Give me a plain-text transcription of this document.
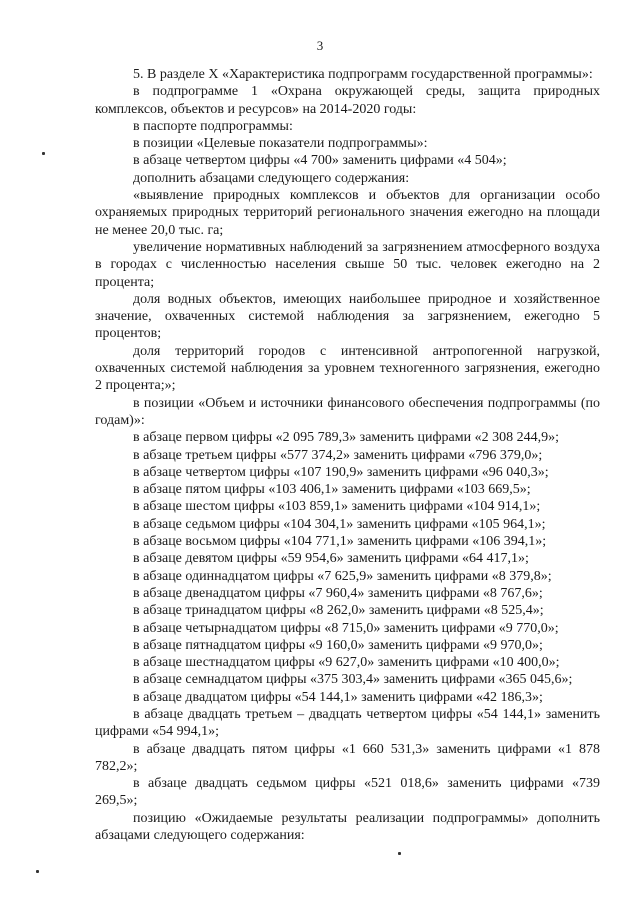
3

5. В разделе X «Характеристика подпрограмм государственной программы»:

в подпрограмме 1 «Охрана окружающей среды, защита природных комплексов, объектов и ресурсов» на 2014-2020 годы:

в паспорте подпрограммы:

в позиции «Целевые показатели подпрограммы»:

в абзаце четвертом цифры «4 700» заменить цифрами «4 504»;

дополнить абзацами следующего содержания:

«выявление природных комплексов и объектов для организации особо охраняемых природных территорий регионального значения ежегодно на площади не менее 20,0 тыс. га;

увеличение нормативных наблюдений за загрязнением атмосферного воздуха в городах с численностью населения свыше 50 тыс. человек ежегодно на 2 процента;

доля водных объектов, имеющих наибольшее природное и хозяйственное значение, охваченных системой наблюдения за загрязнением, ежегодно 5 процентов;

доля территорий городов с интенсивной антропогенной нагрузкой, охваченных системой наблюдения за уровнем техногенного загрязнения, ежегодно 2 процента;»;

в позиции «Объем и источники финансового обеспечения подпрограммы (по годам)»:

в абзаце первом цифры «2 095 789,3» заменить цифрами «2 308 244,9»;

в абзаце третьем цифры «577 374,2» заменить цифрами «796 379,0»;

в абзаце четвертом цифры «107 190,9» заменить цифрами «96 040,3»;

в абзаце пятом цифры «103 406,1» заменить цифрами «103 669,5»;

в абзаце шестом цифры «103 859,1» заменить цифрами «104 914,1»;

в абзаце седьмом цифры «104 304,1» заменить цифрами «105 964,1»;

в абзаце восьмом цифры «104 771,1» заменить цифрами «106 394,1»;

в абзаце девятом цифры «59 954,6» заменить цифрами «64 417,1»;

в абзаце одиннадцатом цифры «7 625,9» заменить цифрами «8 379,8»;

в абзаце двенадцатом цифры «7 960,4» заменить цифрами «8 767,6»;

в абзаце тринадцатом цифры «8 262,0» заменить цифрами «8 525,4»;

в абзаце четырнадцатом цифры «8 715,0» заменить цифрами «9 770,0»;

в абзаце пятнадцатом цифры «9 160,0» заменить цифрами «9 970,0»;

в абзаце шестнадцатом цифры «9 627,0» заменить цифрами «10 400,0»;

в абзаце семнадцатом цифры «375 303,4» заменить цифрами «365 045,6»;

в абзаце двадцатом цифры «54 144,1» заменить цифрами «42 186,3»;

в абзаце двадцать третьем – двадцать четвертом цифры «54 144,1» заменить цифрами «54 994,1»;

в абзаце двадцать пятом цифры «1 660 531,3» заменить цифрами «1 878 782,2»;

в абзаце двадцать седьмом цифры «521 018,6» заменить цифрами «739 269,5»;

позицию «Ожидаемые результаты реализации подпрограммы» дополнить абзацами следующего содержания:
